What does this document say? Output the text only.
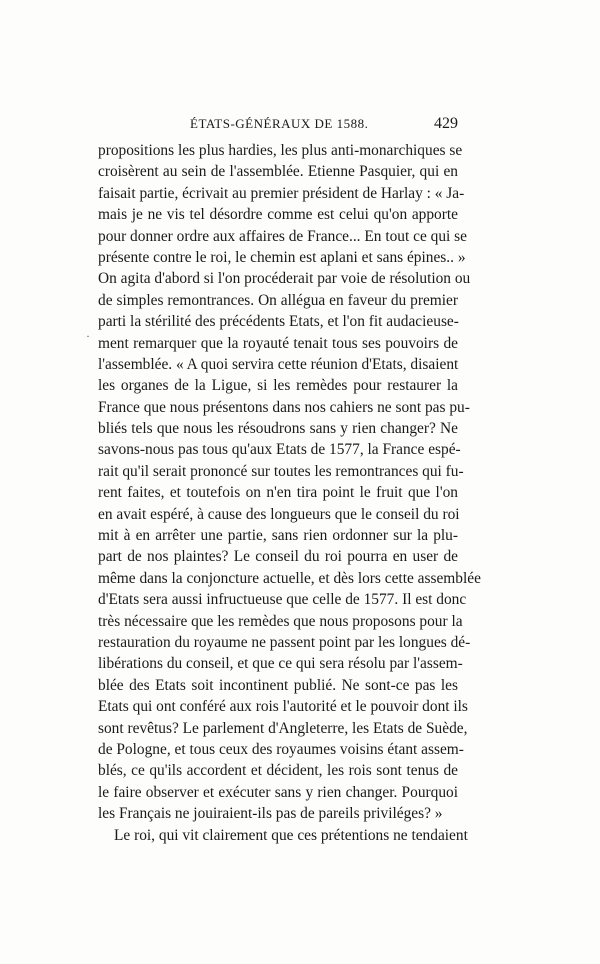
ÉTATS-GÉNÉRAUX DE 1588.	429
·
propositions les plus hardies, les plus anti-monarchiques se
croisèrent au sein de l'assemblée. Etienne Pasquier, qui en
faisait partie, écrivait au premier président de Harlay : « Ja-
mais je ne vis tel désordre comme est celui qu'on apporte
pour donner ordre aux affaires de France... En tout ce qui se
présente contre le roi, le chemin est aplani et sans épines.. »
On agita d'abord si l'on procéderait par voie de résolution ou
de simples remontrances. On allégua en faveur du premier
parti la stérilité des précédents Etats, et l'on fit audacieuse-
ment remarquer que la royauté tenait tous ses pouvoirs de
l'assemblée. « A quoi servira cette réunion d'Etats, disaient
les organes de la Ligue, si les remèdes pour restaurer la
France que nous présentons dans nos cahiers ne sont pas pu-
bliés tels que nous les résoudrons sans y rien changer? Ne
savons-nous pas tous qu'aux Etats de 1577, la France espé-
rait qu'il serait prononcé sur toutes les remontrances qui fu-
rent faites, et toutefois on n'en tira point le fruit que l'on
en avait espéré, à cause des longueurs que le conseil du roi
mit à en arrêter une partie, sans rien ordonner sur la plu-
part de nos plaintes? Le conseil du roi pourra en user de
même dans la conjoncture actuelle, et dès lors cette assemblée
d'Etats sera aussi infructueuse que celle de 1577. Il est donc
très nécessaire que les remèdes que nous proposons pour la
restauration du royaume ne passent point par les longues dé-
libérations du conseil, et que ce qui sera résolu par l'assem-
blée des Etats soit incontinent publié. Ne sont-ce pas les
Etats qui ont conféré aux rois l'autorité et le pouvoir dont ils
sont revêtus? Le parlement d'Angleterre, les Etats de Suède,
de Pologne, et tous ceux des royaumes voisins étant assem-
blés, ce qu'ils accordent et décident, les rois sont tenus de
le faire observer et exécuter sans y rien changer. Pourquoi
les Français ne jouiraient-ils pas de pareils priviléges? »
Le roi, qui vit clairement que ces prétentions ne tendaient
